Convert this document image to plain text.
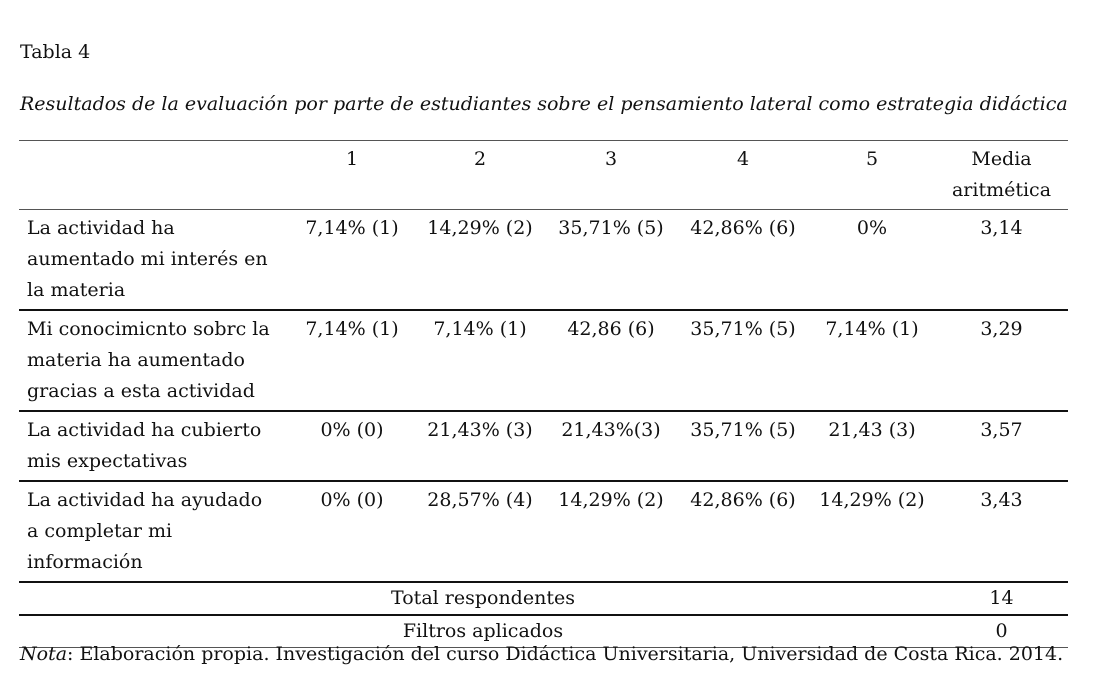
Tabla 4
Resultados de la evaluación por parte de estudiantes sobre el pensamiento lateral como estrategia didáctica
	1	2	3	4	5	Media
aritmética
La actividad ha aumentado mi interés en la materia	7,14% (1)	14,29% (2)	35,71% (5)	42,86% (6)	0%	3,14
Mi conocimicnto sobrc la materia ha aumentado gracias a esta actividad	7,14% (1)	7,14% (1)	42,86 (6)	35,71% (5)	7,14% (1)	3,29
La actividad ha cubierto mis expectativas	0% (0)	21,43% (3)	21,43%(3)	35,71% (5)	21,43 (3)	3,57
La actividad ha ayudado a completar mi información	0% (0)	28,57% (4)	14,29% (2)	42,86% (6)	14,29% (2)	3,43
	Total respondentes					14
	Filtros aplicados					0
Nota: Elaboración propia. Investigación del curso Didáctica Universitaria, Universidad de Costa Rica. 2014.
